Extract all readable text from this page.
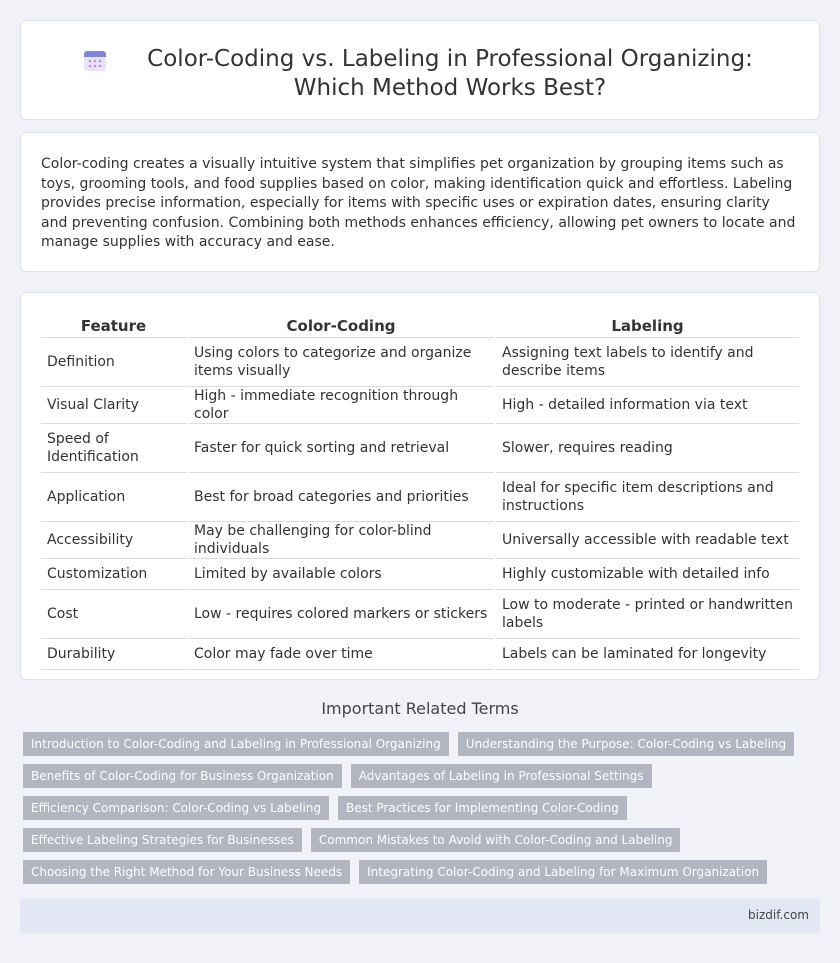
Color-Coding vs. Labeling in Professional Organizing: Which Method Works Best?

Color-coding creates a visually intuitive system that simplifies pet organization by grouping items such as toys, grooming tools, and food supplies based on color, making identification quick and effortless. Labeling provides precise information, especially for items with specific uses or expiration dates, ensuring clarity and preventing confusion. Combining both methods enhances efficiency, allowing pet owners to locate and manage supplies with accuracy and ease.

Feature		Color-Coding		Labeling
Definition		Using colors to categorize and organize items visually		Assigning text labels to identify and describe items
Visual Clarity		High - immediate recognition through color		High - detailed information via text
Speed of Identification		Faster for quick sorting and retrieval		Slower, requires reading
Application		Best for broad categories and priorities		Ideal for specific item descriptions and instructions
Accessibility		May be challenging for color-blind individuals		Universally accessible with readable text
Customization		Limited by available colors		Highly customizable with detailed info
Cost		Low - requires colored markers or stickers		Low to moderate - printed or handwritten labels
Durability		Color may fade over time		Labels can be laminated for longevity
Important Related Terms
Introduction to Color-Coding and Labeling in Professional Organizing	Understanding the Purpose: Color-Coding vs Labeling
Benefits of Color-Coding for Business Organization	Advantages of Labeling in Professional Settings
Efficiency Comparison: Color-Coding vs Labeling	Best Practices for Implementing Color-Coding
Effective Labeling Strategies for Businesses	Common Mistakes to Avoid with Color-Coding and Labeling
Choosing the Right Method for Your Business Needs	Integrating Color-Coding and Labeling for Maximum Organization
bizdif.com
